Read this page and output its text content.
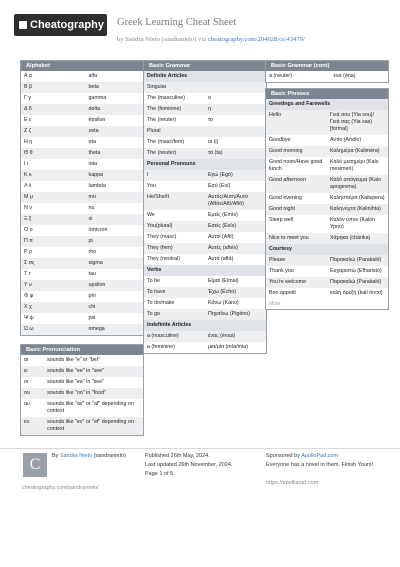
Cheatography Greek Learning Cheat Sheet
by Sandra Nieto (sandranieto) via cheatography.com/204028/cs/43479/
Alphabet
Α α	alfa
Β β	beta
Γ γ	gamma
Δ δ	delta
Ε ε	épsilon
Ζ ζ	zeta
Η η	eta
Θ θ	theta
Ι ι	iota
Κ κ	kappa
Λ λ	lambda
Μ μ	mu
Ν ν	nu
Ξ ξ	xi
Ο ο	ómicron
Π π	pi
Ρ ρ	rho
Σ σς	sigma
Τ τ	tau
Υ υ	upsilon
Φ φ	phi
Χ χ	chi
Ψ ψ	psi
Ω ω	omega
Basic Pronunciation
αι	sounds like "e" in "bet"
ει	sounds like "ee" in "see"
οι	sounds like "ee" in "see"
ου	sounds like "oo" in "food"
αυ	sounds like "av" or "af" depending on context
ευ	sounds like "ev" or "ef" depending on context
Basic Grammar
Definite Articles	
Singular	
The (masculine)	ο
The (feminine)	η
The (neuter)	το
Plural	
The (masc/fem)	οι (i)
The (neuter)	τα (ta)
Personal Pronouns	
I	Εγώ (Egó)
You	Εσύ (Esí)
He/She/It	Αυτός/Αυτή/Αυτό (Aftós/Aftí/Aftó)
We	Εμείς (Emís)
You(plural)	Εσείς (Esís)
They (masc)	Αυτοί (Aftí)
They (fem)	Αυτές (aftés)
They (neutral)	Αυτά (aftá)
Verbs	
To be	Είμαι (Eímai)
To have	Έχω (Écho)
To do/make	Κάνω (Káno)
To go	Πηγαίνω (Pigéno)
Indefinite Articles	
a (masculine)	ένας (énas)
a (feminine)	μια/μία (mía/mia)
Basic Grammar (cont)
a (neuter)	ένα (éna)
Basic Phrases
Greetings and Farewells	
Hello	Γειά σου (Yia sou)/ Γειά σας (Yia sas) [formal]
Goodbye	Αντίο (Andío)
Good morning	Καλημέρα (Kaliméra)
Good noon/Have good lunch	Καλό μεσημέρι (Kalo mesimeri)
Good afternoon	Καλό απόγευμα (Kalo apogevma)
Good evening	Καλησπέρα (Kalispera)
Good night	Καληνύχτα (Kalinihta)
Sleep well	Καλόν ύπνο (Kalon Ypno)
Nice to meet you	Χάρηκα (chárika)
Courtesy	
Please	Παρακαλώ (Parakaló)
Thank you	Ευχαριστώ (Efharistó)
You're welcome	Παρακαλώ (Parakaló)
Bon appetit	καλή όρεξη (kalí órexi)
More
C	By Sandra Nieto (sandranieto)
cheatography.com/sandranieto/
Published 26th May, 2024.
Last updated 26th November, 2024.
Page 1 of 5.
Sponsored by ApolloPad.com
Everyone has a novel in them. Finish Yours!
https://apollopad.com
